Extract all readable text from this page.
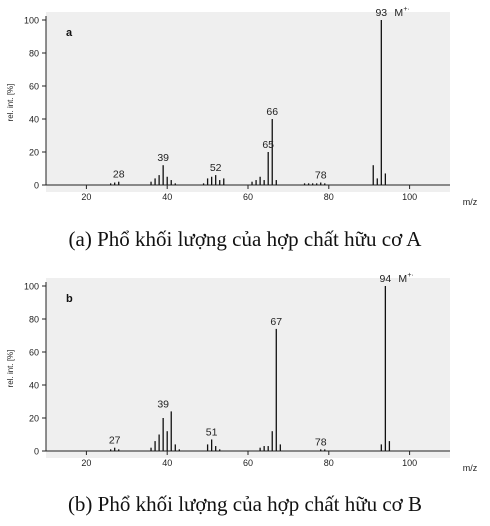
0
20
40
60
80
100
20	40	60	80	100
rel. int. [%]
m/z
a
28
39
52
65
66
78
93 M +·
(a) Phổ khối lượng của hợp chất hữu cơ A
0
20
40
60
80
100
20	40	60	80	100
rel. int. [%]
m/z
b
27
39
51
67
78
94 M +·
(b) Phổ khối lượng của hợp chất hữu cơ B
